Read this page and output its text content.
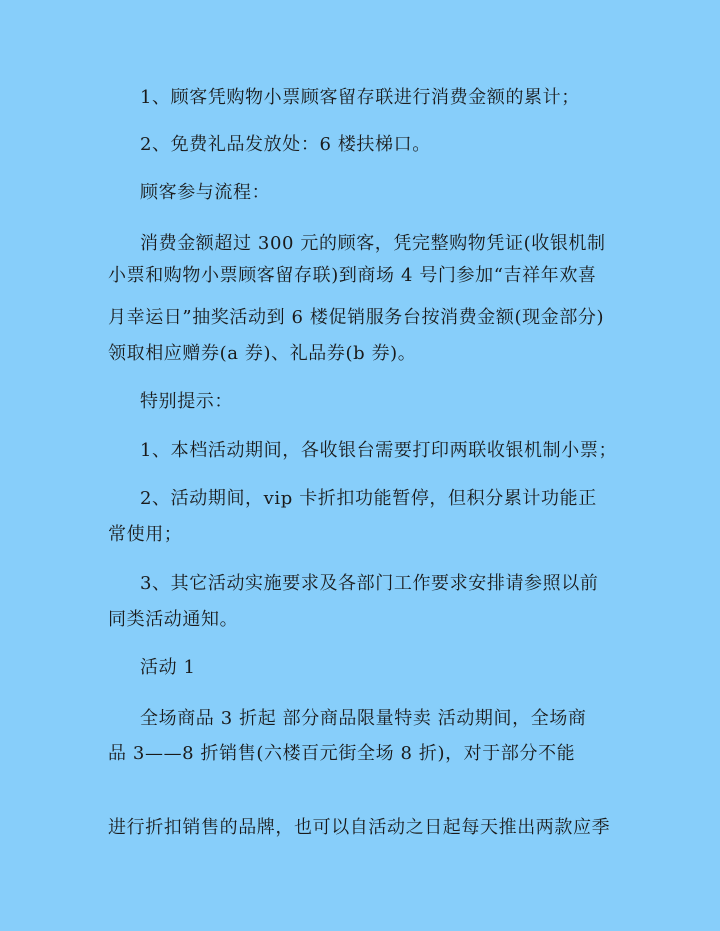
1、顾客凭购物小票顾客留存联进行消费金额的累计；
2、免费礼品发放处：6 楼扶梯口。
顾客参与流程：
消费金额超过 300 元的顾客，凭完整购物凭证(收银机制
小票和购物小票顾客留存联)到商场 4 号门参加“吉祥年欢喜
月幸运日”抽奖活动到 6 楼促销服务台按消费金额(现金部分)
领取相应赠券(a 券)、礼品券(b 券)。
特别提示：
1、本档活动期间，各收银台需要打印两联收银机制小票；
2、活动期间，vip 卡折扣功能暂停，但积分累计功能正
常使用；
3、其它活动实施要求及各部门工作要求安排请参照以前
同类活动通知。
活动 1
全场商品 3 折起 部分商品限量特卖 活动期间，全场商
品 3——8 折销售(六楼百元街全场 8 折)，对于部分不能
进行折扣销售的品牌，也可以自活动之日起每天推出两款应季
